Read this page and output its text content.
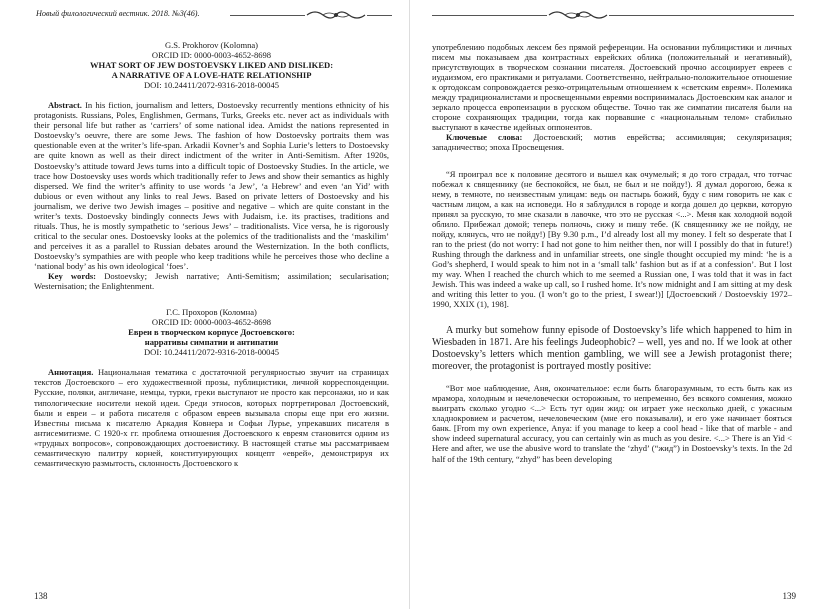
Новый филологический вестник. 2018. №3(46).
G.S. Prokhorov (Kolomna)
ORCID ID: 0000-0003-4652-8698
WHAT SORT OF JEW DOSTOEVSKY LIKED AND DISLIKED:
A NARRATIVE OF A LOVE-HATE RELATIONSHIP
DOI: 10.24411/2072-9316-2018-00045

Abstract. In his fiction, journalism and letters, Dostoevsky recurrently mentions ethnicity of his protagonists. Russians, Poles, Englishmen, Germans, Turks, Greeks etc. never act as individuals with their personal life but rather as ‘carriers’ of some national idea. Amidst the nations represented in Dostoevsky’s oeuvre, there are some Jews. The fashion of how Dostoevsky portraits them was questionable even at the writer’s life-span. Arkadii Kovner’s and Sophia Lurie’s letters to Dostoevsky are quite known as well as their direct indictment of the writer in Anti-Semitism. After 1920s, Dostoevsky’s attitude toward Jews turns into a difficult topic of Dostoevsky Studies. In the article, we trace how Dostoevsky uses words which traditionally refer to Jews and show their semantics as highly dispersed. We find the writer’s affinity to use words ‘a Jew’, ‘a Hebrew’ and even ‘an Yid’ with dubious or even without any links to real Jews. Based on private letters of Dostoevsky and his journalism, we derive two Jewish images – positive and negative – which are quite constant in the writer’s texts. Dostoevsky bindingly connects Jews with Judaism, i.e. its practises, traditions and rituals. Thus, he is mostly sympathetic to ‘serious Jews’ – traditionalists. Vice versa, he is rigorously critical to the secular ones. Dostoevsky looks at the polemics of the traditionalists and the ‘maskilim’ and perceives it as a parallel to Russian debates around the Westernization. In the both conflicts, Dostoevsky’s sympathies are with people who keep traditions while he perceives those who decline a ‘national body’ as his own ideological ‘foes’.

Key words: Dostoevsky; Jewish narrative; Anti-Semitism; assimilation; secularisation; Westernisation; the Enlightenment.

Г.С. Прохоров (Коломна)
ORCID ID: 0000-0003-4652-8698
Евреи в творческом корпусе Достоевского:
нарративы симпатии и антипатии
DOI: 10.24411/2072-9316-2018-00045

Аннотация. Национальная тематика с достаточной регулярностью звучит на страницах текстов Достоевского – его художественной прозы, публицистики, личной корреспонденции. Русские, поляки, англичане, немцы, турки, греки выступают не просто как персонажи, но и как типологические носители некой идеи. Среди этносов, которых портретировал Достоевский, были и евреи – и работа писателя с образом евреев вызывала споры еще при его жизни. Известны письма к писателю Аркадия Ковнера и Софьи Лурье, упрекавших писателя в антисемитизме. С 1920-х гг. проблема отношения Достоевского к евреям становится одним из «трудных вопросов», сопровождающих достоевистику. В настоящей статье мы рассматриваем семантическую палитру корней, конституирующих концепт «еврей», демонстрируя их семантическую размытость, склонность Достоевского к

138

употреблению подобных лексем без прямой референции. На основании публицистики и личных писем мы показываем два контрастных еврейских облика (положительный и негативный), присутствующих в творческом сознании писателя. Достоевский прочно ассоциирует евреев с иудаизмом, его практиками и ритуалами. Соответственно, нейтрально-положительное отношение к ортодоксам сопровождается резко-отрицательным отношением к «светским евреям». Полемика между традиционалистами и просвещенными евреями воспринималась Достоевским как аналог и зеркало процесса европеизации в русском обществе. Точно так же симпатии писателя были на стороне сохраняющих традиции, тогда как порвавшие с «национальным телом» стабильно выступают в качестве идейных оппонентов.

Ключевые слова: Достоевский; мотив еврейства; ассимиляция; секуляризация; западничество; эпоха Просвещения.

“Я проиграл все к половине десятого и вышел как очумелый; я до того страдал, что тотчас побежал к священнику (не беспокойся, не был, не был и не пойду!). Я думал дорогою, бежа к нему, в темноте, по неизвестным улицам: ведь он пастырь божий, буду с ним говорить не как с частным лицом, а как на исповеди. Но я заблудился в городе и когда дошел до церкви, которую принял за русскую, то мне сказали в лавочке, что это не русская <...>. Меня как холодной водой облило. Прибежал домой; теперь полночь, сижу и пишу тебе. (К священнику же не пойду, не пойду, клянусь, что не пойду!) [By 9.30 p.m., I’d already lost all my money. I felt so desperate that I ran to the priest (do not worry: I had not gone to him neither then, nor will I possibly do that in future!) Rushing through the darkness and in unfamiliar streets, one single thought occupied my mind: ‘he is a God’s shepherd, I would speak to him not in a ‘small talk’ fashion but as if at a confession’. But I lost my way. When I reached the church which to me seemed a Russian one, I was told that it was in fact Jewish. This was indeed a wake up call, so I rushed home. It’s now midnight and I am sitting at my desk and writing this letter to you. (I won’t go to the priest, I swear!)] [Достоевский / Dostoevskiy 1972–1990, XXIX (1), 198].

A murky but somehow funny episode of Dostoevsky’s life which happened to him in Wiesbaden in 1871. Are his feelings Judeophobic? – well, yes and no. If we look at other Dostoevsky’s letters which mention gambling, we will see a Jewish protagonist there; moreover, the protagonist is portrayed mostly positive:

“Вот мое наблюдение, Аня, окончательное: если быть благоразумным, то есть быть как из мрамора, холодным и нечеловечески осторожным, то непременно, без всякого сомнения, можно выиграть сколько угодно <...> Есть тут один жид: он играет уже несколько дней, с ужасным хладнокровием и расчетом, нечеловеческим (мне его показывали), и его уже начинает бояться банк. [From my own experience, Anya: if you manage to keep a cool head - like that of marble - and show indeed supernatural accuracy, you can certainly win as much as you desire. <...> There is an Yid < Here and after, we use the abusive word to translate the ‘zhyd’ (“жид”) in Dostoevsky’s texts. In the 2d half of the 19th century, “zhyd” has been developing

139
